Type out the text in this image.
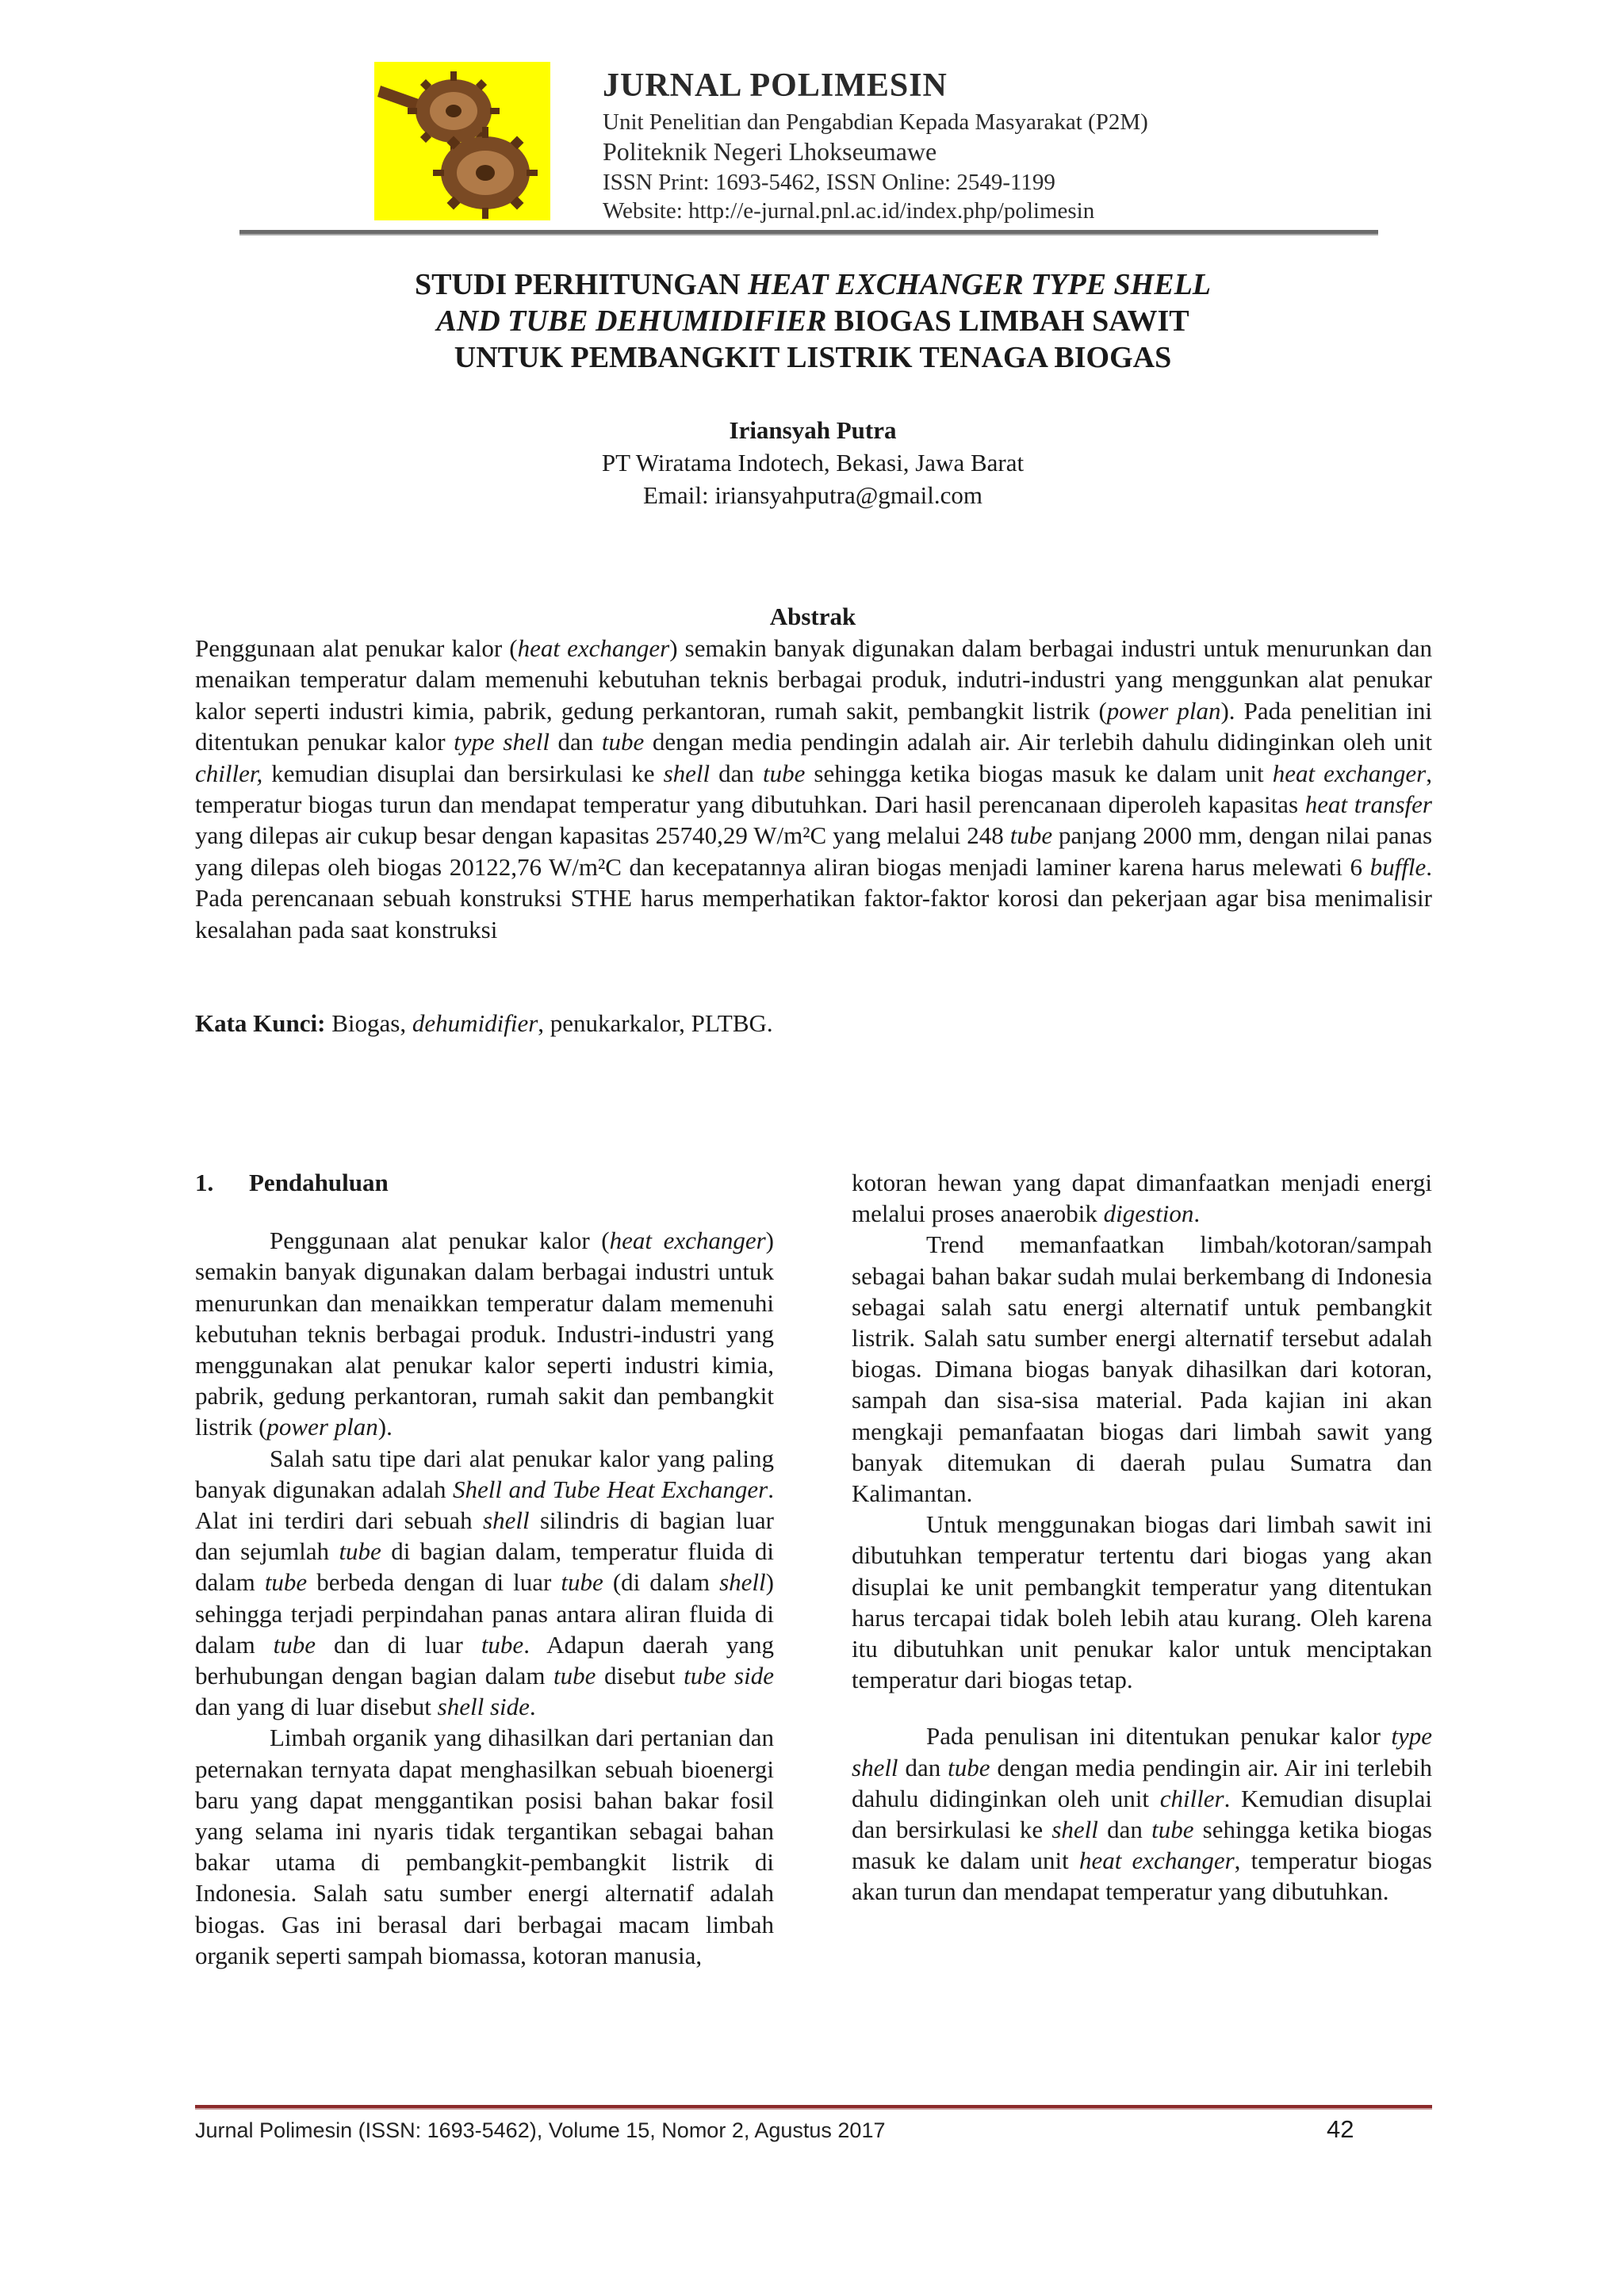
JURNAL POLIMESIN
Unit Penelitian dan Pengabdian Kepada Masyarakat (P2M)
Politeknik Negeri Lhokseumawe
ISSN Print: 1693-5462, ISSN Online: 2549-1199
Website: http://e-jurnal.pnl.ac.id/index.php/polimesin
STUDI PERHITUNGAN HEAT EXCHANGER TYPE SHELL
AND TUBE DEHUMIDIFIER BIOGAS LIMBAH SAWIT
UNTUK PEMBANGKIT LISTRIK TENAGA BIOGAS
Iriansyah Putra
PT Wiratama Indotech, Bekasi, Jawa Barat
Email: iriansyahputra@gmail.com
Abstrak

Penggunaan alat penukar kalor (heat exchanger) semakin banyak digunakan dalam berbagai industri untuk menurunkan dan menaikan temperatur dalam memenuhi kebutuhan teknis berbagai produk, indutri-industri yang menggunkan alat penukar kalor seperti industri kimia, pabrik, gedung perkantoran, rumah sakit, pembangkit listrik (power plan). Pada penelitian ini ditentukan penukar kalor type shell dan tube dengan media pendingin adalah air. Air terlebih dahulu didinginkan oleh unit chiller, kemudian disuplai dan bersirkulasi ke shell dan tube sehingga ketika biogas masuk ke dalam unit heat exchanger, temperatur biogas turun dan mendapat temperatur yang dibutuhkan. Dari hasil perencanaan diperoleh kapasitas heat transfer yang dilepas air cukup besar dengan kapasitas 25740,29 W/m²C yang melalui 248 tube panjang 2000 mm, dengan nilai panas yang dilepas oleh biogas 20122,76 W/m²C dan kecepatannya aliran biogas menjadi laminer karena harus melewati 6 buffle. Pada perencanaan sebuah konstruksi STHE harus memperhatikan faktor-faktor korosi dan pekerjaan agar bisa menimalisir kesalahan pada saat konstruksi

Kata Kunci: Biogas, dehumidifier, penukarkalor, PLTBG.

1. Pendahuluan

Penggunaan alat penukar kalor (heat exchanger) semakin banyak digunakan dalam berbagai industri untuk menurunkan dan menaikkan temperatur dalam memenuhi kebutuhan teknis berbagai produk. Industri-industri yang menggunakan alat penukar kalor seperti industri kimia, pabrik, gedung perkantoran, rumah sakit dan pembangkit listrik (power plan).

Salah satu tipe dari alat penukar kalor yang paling banyak digunakan adalah Shell and Tube Heat Exchanger. Alat ini terdiri dari sebuah shell silindris di bagian luar dan sejumlah tube di bagian dalam, temperatur fluida di dalam tube berbeda dengan di luar tube (di dalam shell) sehingga terjadi perpindahan panas antara aliran fluida di dalam tube dan di luar tube. Adapun daerah yang berhubungan dengan bagian dalam tube disebut tube side dan yang di luar disebut shell side.

Limbah organik yang dihasilkan dari pertanian dan peternakan ternyata dapat menghasilkan sebuah bioenergi baru yang dapat menggantikan posisi bahan bakar fosil yang selama ini nyaris tidak tergantikan sebagai bahan bakar utama di pembangkit-pembangkit listrik di Indonesia. Salah satu sumber energi alternatif adalah biogas. Gas ini berasal dari berbagai macam limbah organik seperti sampah biomassa, kotoran manusia,

kotoran hewan yang dapat dimanfaatkan menjadi energi melalui proses anaerobik digestion.

Trend memanfaatkan limbah/kotoran/sampah sebagai bahan bakar sudah mulai berkembang di Indonesia sebagai salah satu energi alternatif untuk pembangkit listrik. Salah satu sumber energi alternatif tersebut adalah biogas. Dimana biogas banyak dihasilkan dari kotoran, sampah dan sisa-sisa material. Pada kajian ini akan mengkaji pemanfaatan biogas dari limbah sawit yang banyak ditemukan di daerah pulau Sumatra dan Kalimantan.

Untuk menggunakan biogas dari limbah sawit ini dibutuhkan temperatur tertentu dari biogas yang akan disuplai ke unit pembangkit temperatur yang ditentukan harus tercapai tidak boleh lebih atau kurang. Oleh karena itu dibutuhkan unit penukar kalor untuk menciptakan temperatur dari biogas tetap.

Pada penulisan ini ditentukan penukar kalor type shell dan tube dengan media pendingin air. Air ini terlebih dahulu didinginkan oleh unit chiller. Kemudian disuplai dan bersirkulasi ke shell dan tube sehingga ketika biogas masuk ke dalam unit heat exchanger, temperatur biogas akan turun dan mendapat temperatur yang dibutuhkan.

Jurnal Polimesin (ISSN: 1693-5462), Volume 15, Nomor 2, Agustus 2017	42
